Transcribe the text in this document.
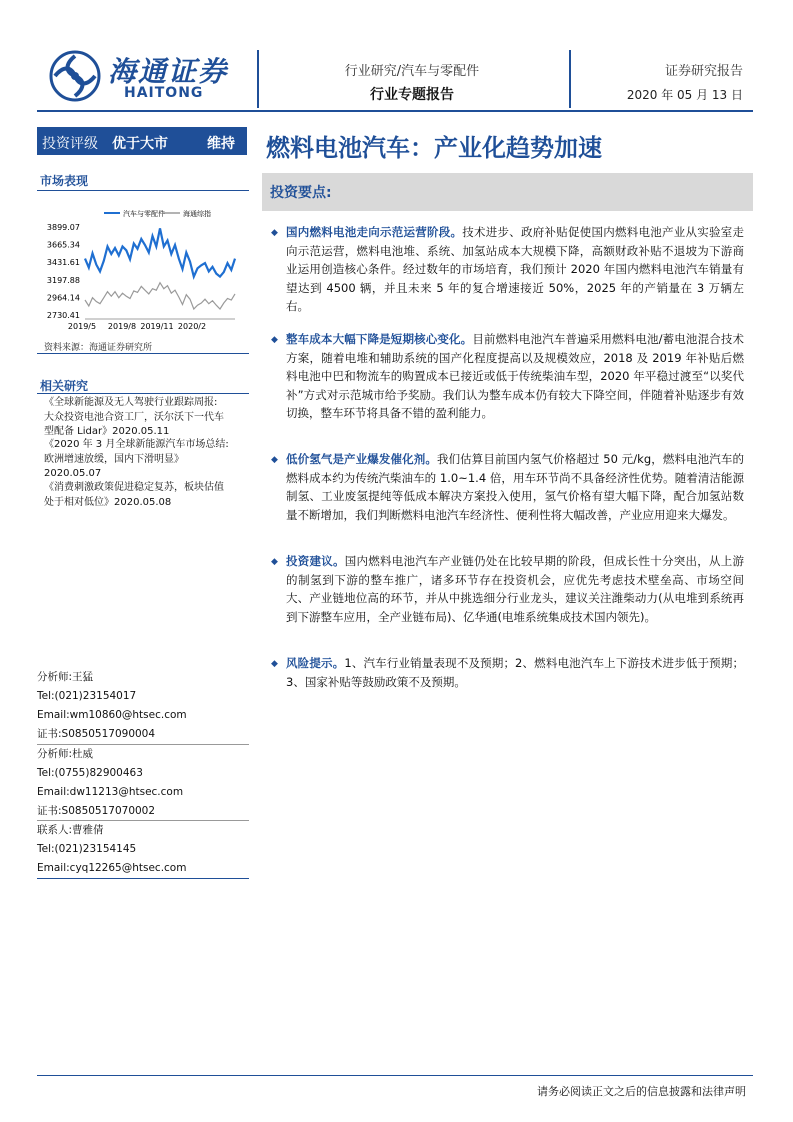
海通证券
HAITONG
行业研究/汽车与零配件
行业专题报告
证券研究报告
2020 年 05 月 13 日
投资评级 优于大市	维持 燃料电池汽车：产业化趋势加速
市场表现
汽车与零配件	海通综指
3899.07
3665.34
3431.61
3197.88
2964.14
2730.41
2019/5 2019/8 2019/11 2020/2
资料来源：海通证券研究所
相关研究
《全球新能源及无人驾驶行业跟踪周报:
大众投资电池合资工厂，沃尔沃下一代车
型配备 Lidar》2020.05.11
《2020 年 3 月全球新能源汽车市场总结:
欧洲增速放缓，国内下滑明显》
2020.05.07
《消费刺激政策促进稳定复苏，板块估值
处于相对低位》2020.05.08
分析师:王猛
Tel:(021)23154017
Email:wm10860@htsec.com
证书:S0850517090004
分析师:杜威
Tel:(0755)82900463
Email:dw11213@htsec.com
证书:S0850517070002
联系人:曹雅倩
Tel:(021)23154145
Email:cyq12265@htsec.com
投资要点:
◆ 国内燃料电池走向示范运营阶段。技术进步、政府补贴促使国内燃料电池产业从实验室走向示范运营，燃料电池堆、系统、加氢站成本大规模下降，高额财政补贴不退坡为下游商业运用创造核心条件。经过数年的市场培育，我们预计 2020 年国内燃料电池汽车销量有望达到 4500 辆，并且未来 5 年的复合增速接近 50%，2025 年的产销量在 3 万辆左右。
◆ 整车成本大幅下降是短期核心变化。目前燃料电池汽车普遍采用燃料电池/蓄电池混合技术方案，随着电堆和辅助系统的国产化程度提高以及规模效应，2018 及 2019 年补贴后燃料电池中巴和物流车的购置成本已接近或低于传统柴油车型，2020 年平稳过渡至“以奖代补”方式对示范城市给予奖励。我们认为整车成本仍有较大下降空间，伴随着补贴逐步有效切换，整车环节将具备不错的盈利能力。
◆ 低价氢气是产业爆发催化剂。我们估算目前国内氢气价格超过 50 元/kg，燃料电池汽车的燃料成本约为传统汽柴油车的 1.0~1.4 倍，用车环节尚不具备经济性优势。随着清洁能源制氢、工业废氢提纯等低成本解决方案投入使用，氢气价格有望大幅下降，配合加氢站数量不断增加，我们判断燃料电池汽车经济性、便利性将大幅改善，产业应用迎来大爆发。
◆ 投资建议。国内燃料电池汽车产业链仍处在比较早期的阶段，但成长性十分突出，从上游的制氢到下游的整车推广，诸多环节存在投资机会，应优先考虑技术壁垒高、市场空间大、产业链地位高的环节，并从中挑选细分行业龙头，建议关注潍柴动力(从电堆到系统再到下游整车应用，全产业链布局)、亿华通(电堆系统集成技术国内领先)。
◆ 风险提示。1、汽车行业销量表现不及预期；2、燃料电池汽车上下游技术进步低于预期；3、国家补贴等鼓励政策不及预期。
请务必阅读正文之后的信息披露和法律声明
